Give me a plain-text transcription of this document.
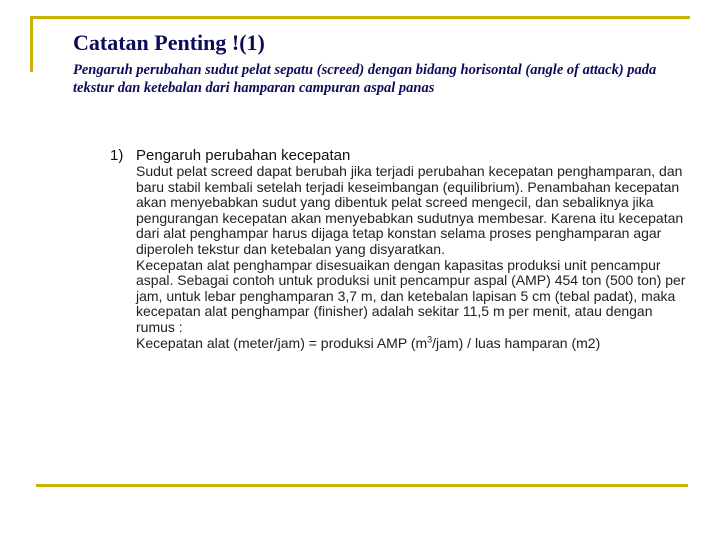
Catatan Penting !(1)

Pengaruh perubahan sudut pelat sepatu (screed) dengan bidang horisontal (angle of attack) pada tekstur dan ketebalan dari hamparan campuran aspal panas

1) Pengaruh perubahan kecepatan

Sudut pelat screed dapat berubah jika terjadi perubahan kecepatan penghamparan, dan baru stabil kembali setelah terjadi keseimbangan (equilibrium). Penambahan kecepatan akan menyebabkan sudut yang dibentuk pelat screed mengecil, dan sebaliknya jika pengurangan kecepatan akan menyebabkan sudutnya membesar. Karena itu kecepatan dari alat penghampar harus dijaga tetap konstan selama proses penghamparan agar diperoleh tekstur dan ketebalan yang disyaratkan.

Kecepatan alat penghampar disesuaikan dengan kapasitas produksi unit pencampur aspal. Sebagai contoh untuk produksi unit pencampur aspal (AMP) 454 ton (500 ton) per jam, untuk lebar penghamparan 3,7 m, dan ketebalan lapisan 5 cm (tebal padat), maka kecepatan alat penghampar (finisher) adalah sekitar 11,5 m per menit, atau dengan rumus :

Kecepatan alat (meter/jam) = produksi AMP $(m^3/jam)$ / luas hamparan (m2)
